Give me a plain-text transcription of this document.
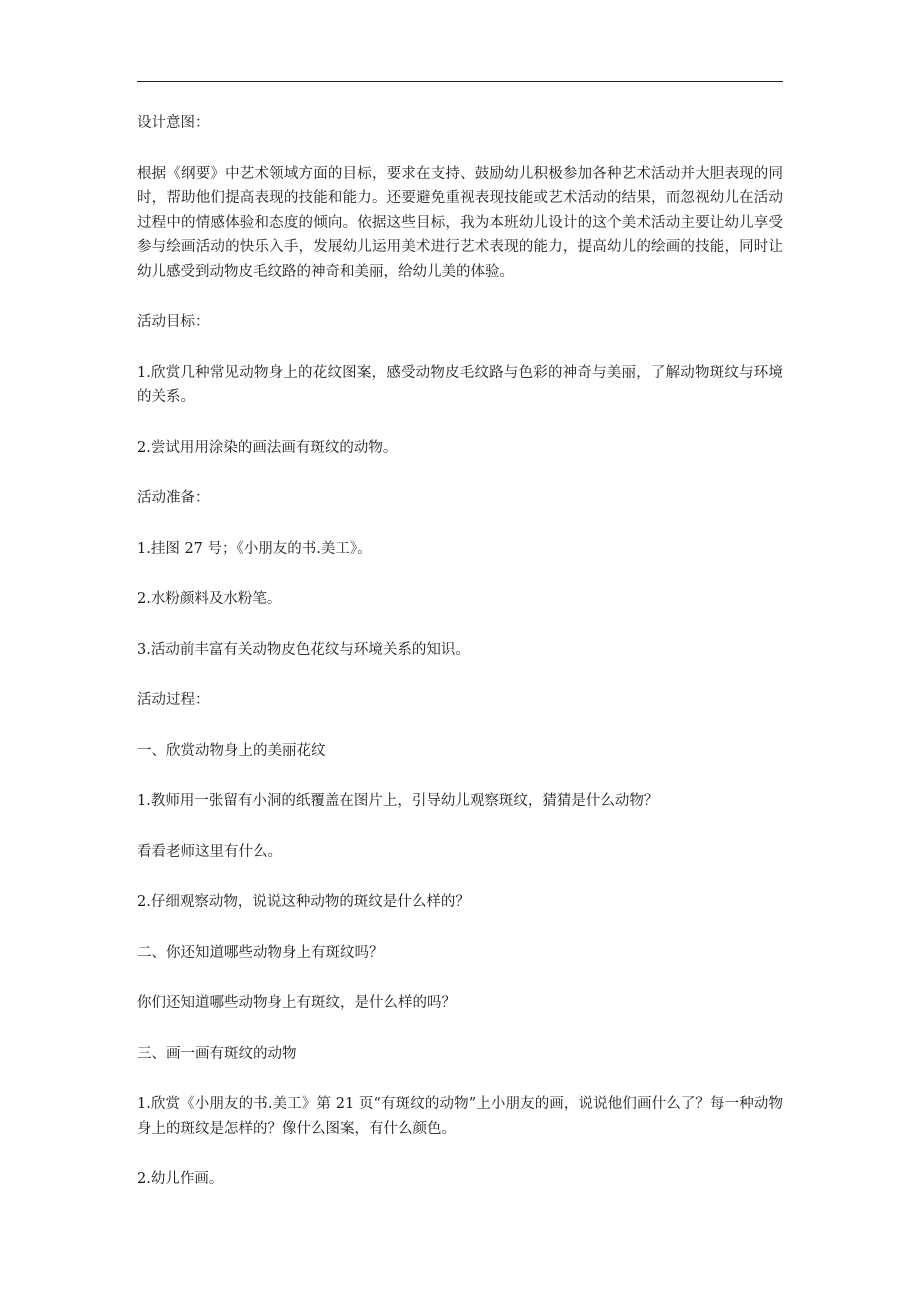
设计意图：

根据《纲要》中艺术领域方面的目标，要求在支持、鼓励幼儿积极参加各种艺术活动并大胆表现的同时，帮助他们提高表现的技能和能力。还要避免重视表现技能或艺术活动的结果，而忽视幼儿在活动过程中的情感体验和态度的倾向。依据这些目标，我为本班幼儿设计的这个美术活动主要让幼儿享受参与绘画活动的快乐入手，发展幼儿运用美术进行艺术表现的能力，提高幼儿的绘画的技能，同时让幼儿感受到动物皮毛纹路的神奇和美丽，给幼儿美的体验。

活动目标：

1.欣赏几种常见动物身上的花纹图案，感受动物皮毛纹路与色彩的神奇与美丽，了解动物斑纹与环境的关系。

2.尝试用用涂染的画法画有斑纹的动物。

活动准备：

1.挂图 27 号；《小朋友的书.美工》。

2.水粉颜料及水粉笔。

3.活动前丰富有关动物皮色花纹与环境关系的知识。

活动过程：

一、欣赏动物身上的美丽花纹

1.教师用一张留有小洞的纸覆盖在图片上，引导幼儿观察斑纹，猜猜是什么动物？

看看老师这里有什么。

2.仔细观察动物，说说这种动物的斑纹是什么样的？

二、你还知道哪些动物身上有斑纹吗？

你们还知道哪些动物身上有斑纹，是什么样的吗？

三、画一画有斑纹的动物

1.欣赏《小朋友的书.美工》第 21 页“有斑纹的动物”上小朋友的画，说说他们画什么了？每一种动物身上的斑纹是怎样的？像什么图案，有什么颜色。

2.幼儿作画。
